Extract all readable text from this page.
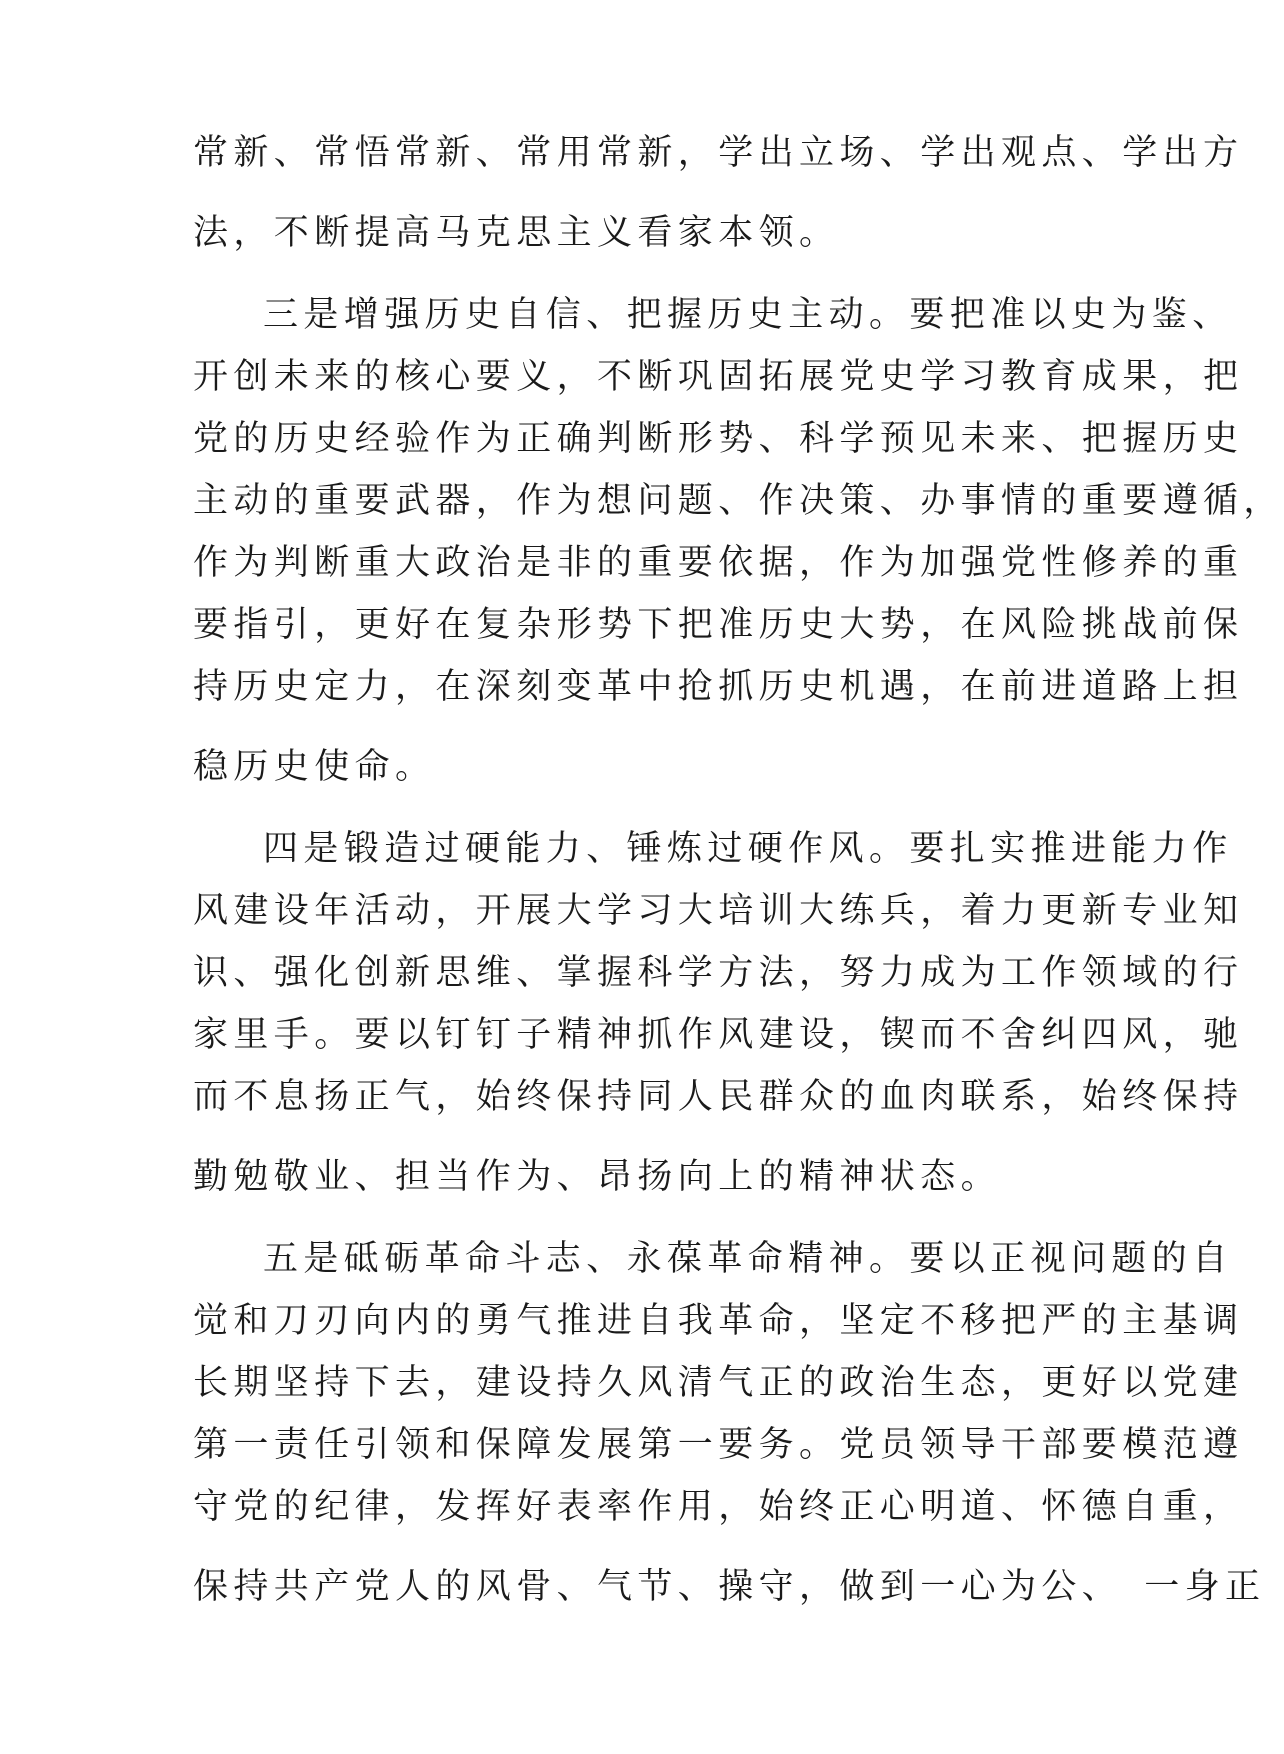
常新、常悟常新、常用常新，学出立场、学出观点、学出方
法，不断提高马克思主义看家本领。
三是增强历史自信、把握历史主动。要把准以史为鉴、
开创未来的核心要义，不断巩固拓展党史学习教育成果，把
党的历史经验作为正确判断形势、科学预见未来、把握历史
主动的重要武器，作为想问题、作决策、办事情的重要遵循，
作为判断重大政治是非的重要依据，作为加强党性修养的重
要指引，更好在复杂形势下把准历史大势，在风险挑战前保
持历史定力，在深刻变革中抢抓历史机遇，在前进道路上担
稳历史使命。
四是锻造过硬能力、锤炼过硬作风。要扎实推进能力作
风建设年活动，开展大学习大培训大练兵，着力更新专业知
识、强化创新思维、掌握科学方法，努力成为工作领域的行
家里手。要以钉钉子精神抓作风建设，锲而不舍纠四风，驰
而不息扬正气，始终保持同人民群众的血肉联系，始终保持
勤勉敬业、担当作为、昂扬向上的精神状态。
五是砥砺革命斗志、永葆革命精神。要以正视问题的自
觉和刀刃向内的勇气推进自我革命，坚定不移把严的主基调
长期坚持下去，建设持久风清气正的政治生态，更好以党建
第一责任引领和保障发展第一要务。党员领导干部要模范遵
守党的纪律，发挥好表率作用，始终正心明道、怀德自重，
保持共产党人的风骨、气节、操守，做到一心为公、 一身正
